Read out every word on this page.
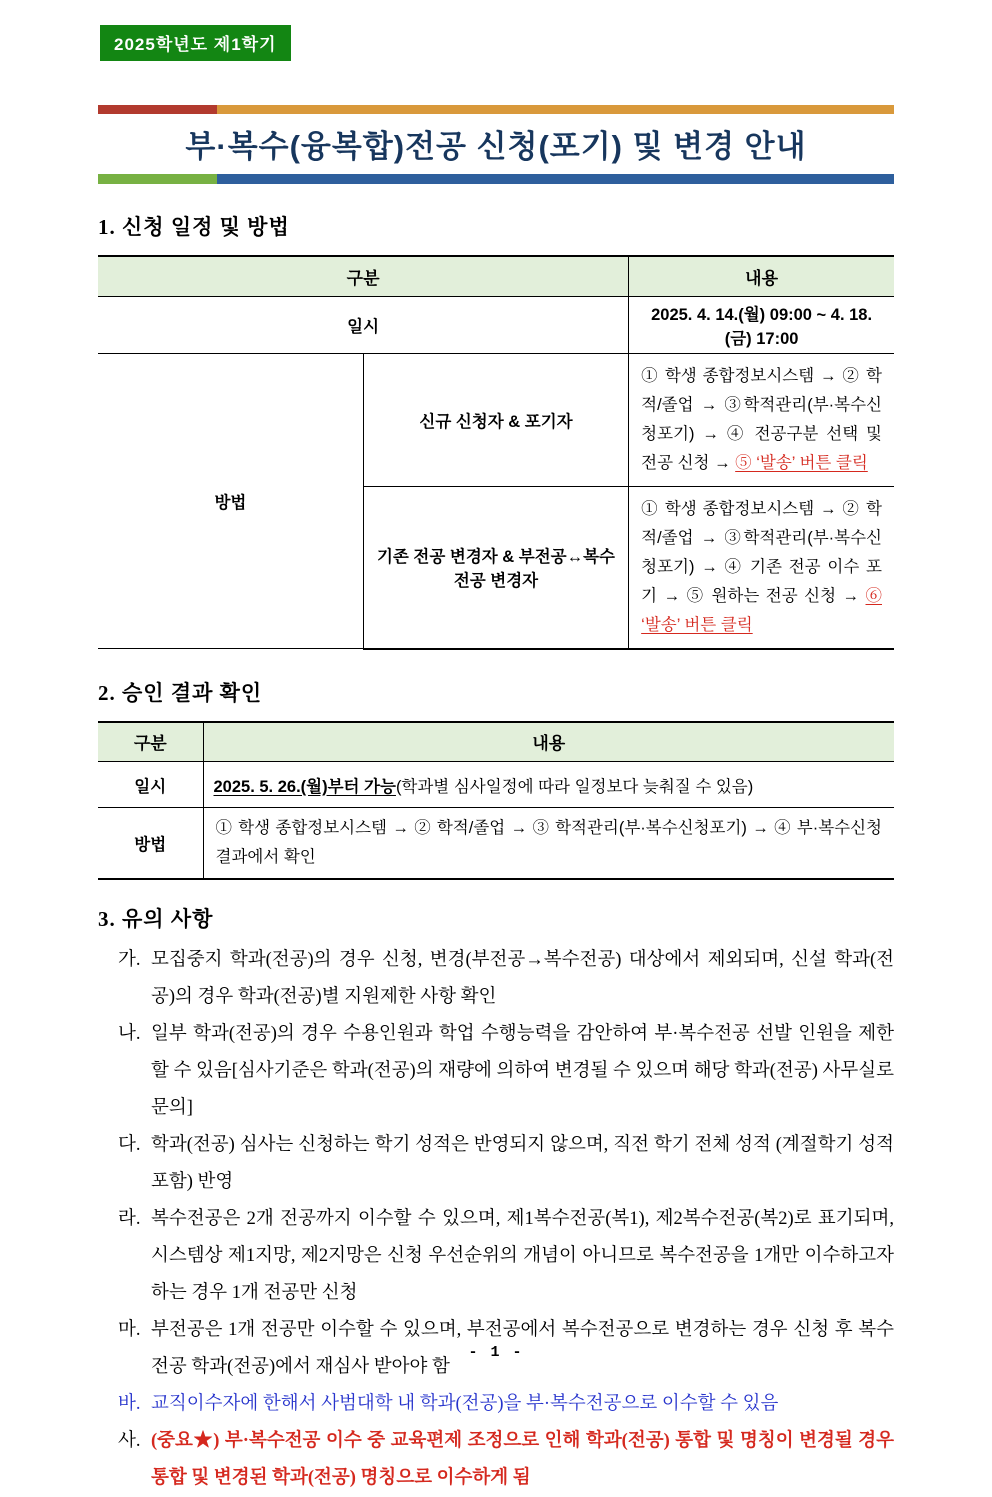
2025학년도 제1학기
부·복수(융복합)전공 신청(포기) 및 변경 안내
1. 신청 일정 및 방법
구분		내용
일시		2025. 4. 14.(월) 09:00 ~ 4. 18.(금) 17:00
방법	신규 신청자 & 포기자	① 학생 종합정보시스템 → ② 학적/졸업 → ③학적관리(부·복수신청포기) → ④ 전공구분 선택 및 전공 신청 → ⑤ ‘발송’ 버튼 클릭
	기존 전공 변경자 & 부전공↔복수 전공 변경자	① 학생 종합정보시스템 → ② 학적/졸업 → ③학적관리(부·복수신청포기) → ④ 기존 전공 이수 포기 → ⑤ 원하는 전공 신청 → ⑥ ‘발송’ 버튼 클릭
2. 승인 결과 확인
구분	내용
일시	2025. 5. 26.(월)부터 가능(학과별 심사일정에 따라 일정보다 늦춰질 수 있음)
방법	① 학생 종합정보시스템 → ② 학적/졸업 → ③ 학적관리(부·복수신청포기) → ④ 부·복수신청결과에서 확인
3. 유의 사항
가. 모집중지 학과(전공)의 경우 신청, 변경(부전공→복수전공) 대상에서 제외되며, 신설 학과(전공)의 경우 학과(전공)별 지원제한 사항 확인
나. 일부 학과(전공)의 경우 수용인원과 학업 수행능력을 감안하여 부·복수전공 선발 인원을 제한할 수 있음[심사기준은 학과(전공)의 재량에 의하여 변경될 수 있으며 해당 학과(전공) 사무실로 문의]
다. 학과(전공) 심사는 신청하는 학기 성적은 반영되지 않으며, 직전 학기 전체 성적 (계절학기 성적 포함) 반영
라. 복수전공은 2개 전공까지 이수할 수 있으며, 제1복수전공(복1), 제2복수전공(복2)로 표기되며, 시스템상 제1지망, 제2지망은 신청 우선순위의 개념이 아니므로 복수전공을 1개만 이수하고자 하는 경우 1개 전공만 신청
마. 부전공은 1개 전공만 이수할 수 있으며, 부전공에서 복수전공으로 변경하는 경우 신청 후 복수전공 학과(전공)에서 재심사 받아야 함
바. 교직이수자에 한해서 사범대학 내 학과(전공)을 부·복수전공으로 이수할 수 있음
사. (중요★) 부·복수전공 이수 중 교육편제 조정으로 인해 학과(전공) 통합 및 명칭이 변경될 경우 통합 및 변경된 학과(전공) 명칭으로 이수하게 됨
- 1 -
